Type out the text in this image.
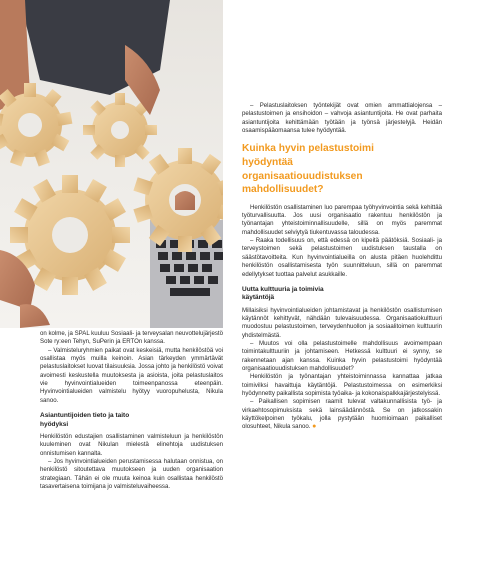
on kolme, ja SPAL kuuluu Sosiaali- ja terveysalan neuvottelujärjestö Sote ry:een Tehyn, SuPerin ja ERTOn kanssa.

– Valmisteluryhmien paikat ovat keskeisiä, mutta henkilöstöä voi osallistaa myös muilla keinoin. Asian tärkeyden ymmärtävät pelastuslaitokset luovat tilaisuuksia. Jossa johto ja henkilöstö voivat avoimesti keskustella muutoksesta ja asioista, joita pelastuslaitos vie hyvinvointialueiden toimeenpanossa eteenpäin. Hyvinvointialueiden valmistelu hyötyy vuoropuhelusta, Nikula sanoo.

Asiantuntijoiden tieto ja taito hyödyksi

Henkilöstön edustajien osallistaminen valmisteluun ja henkilöstön kuuleminen ovat Nikulan mielestä elinehtoja uudistuksen onnistumisen kannalta.

– Jos hyvinvointialueiden perustamisessa halutaan onnistua, on henkilöstö sitoutettava muutokseen ja uuden organisaation strategiaan. Tähän ei ole muuta keinoa kuin osallistaa henkilöstö tasavertaisena toimijana jo valmisteluvaiheessa.

– Pelastuslaitoksen työntekijät ovat omien ammattialojensa – pelastustoimen ja ensihoidon – vahvoja asiantuntijoita. He ovat parhaita asiantuntijoita kehittämään työtään ja työnsä järjestelyjä. Heidän osaamispääomaansa tulee hyödyntää.

Kuinka hyvin pelastustoimi hyödyntää organisaatiouudistuksen mahdollisuudet?

Henkilöstön osallistaminen luo parempaa työhyvinvointia sekä kehittää työturvallisuutta. Jos uusi organisaatio rakentuu henkilöstön ja työnantajan yhteistoiminnallisuudelle, sillä on myös paremmat mahdollisuudet selviytyä tiukentuvassa taloudessa.

– Raaka todellisuus on, että edessä on kipeitä päätöksiä. Sosiaali- ja terveystoimen sekä pelastustoimen uudistuksen taustalla on säästötavoitteita. Kun hyvinvointialueilla on alusta pitäen huolehdittu henkilöstön osallistamisesta työn suunnitteluun, sillä on paremmat edellytykset tuottaa palvelut asukkaille.

Uutta kulttuuria ja toimivia käytäntöjä

Millaisiksi hyvinvointialueiden johtamistavat ja henkilöstön osallistumisen käytännöt kehittyvät, nähdään tulevaisuudessa. Organisaatiokulttuuri muodostuu pelastustoimen, terveydenhuollon ja sosiaalitoimen kulttuurin yhdistelmästä.

– Muutos voi olla pelastustoimelle mahdollisuus avoimempaan toimintakulttuuriin ja johtamiseen. Hetkessä kulttuuri ei synny, se rakennetaan ajan kanssa. Kuinka hyvin pelastustoimi hyödyntää organisaatiouudistuksen mahdollisuudet?

Henkilöstön ja työnantajan yhteistoiminnassa kannattaa jatkaa toimivilksi havaittuja käytäntöjä. Pelastustoimessa on esimerkiksi hyödynnetty paikallista sopimista työaika- ja kokonaispalkkajärjestelyissä.

– Paikallisen sopimisen raamit tulevat valtakunnallisista työ- ja virkaehtosopimuksista sekä lainsäädännöstä. Se on jatkossakin käyttökelpoinen työkalu, jolla pystytään huomioimaan paikalliset olosuhteet, Nikula sanoo. ●
